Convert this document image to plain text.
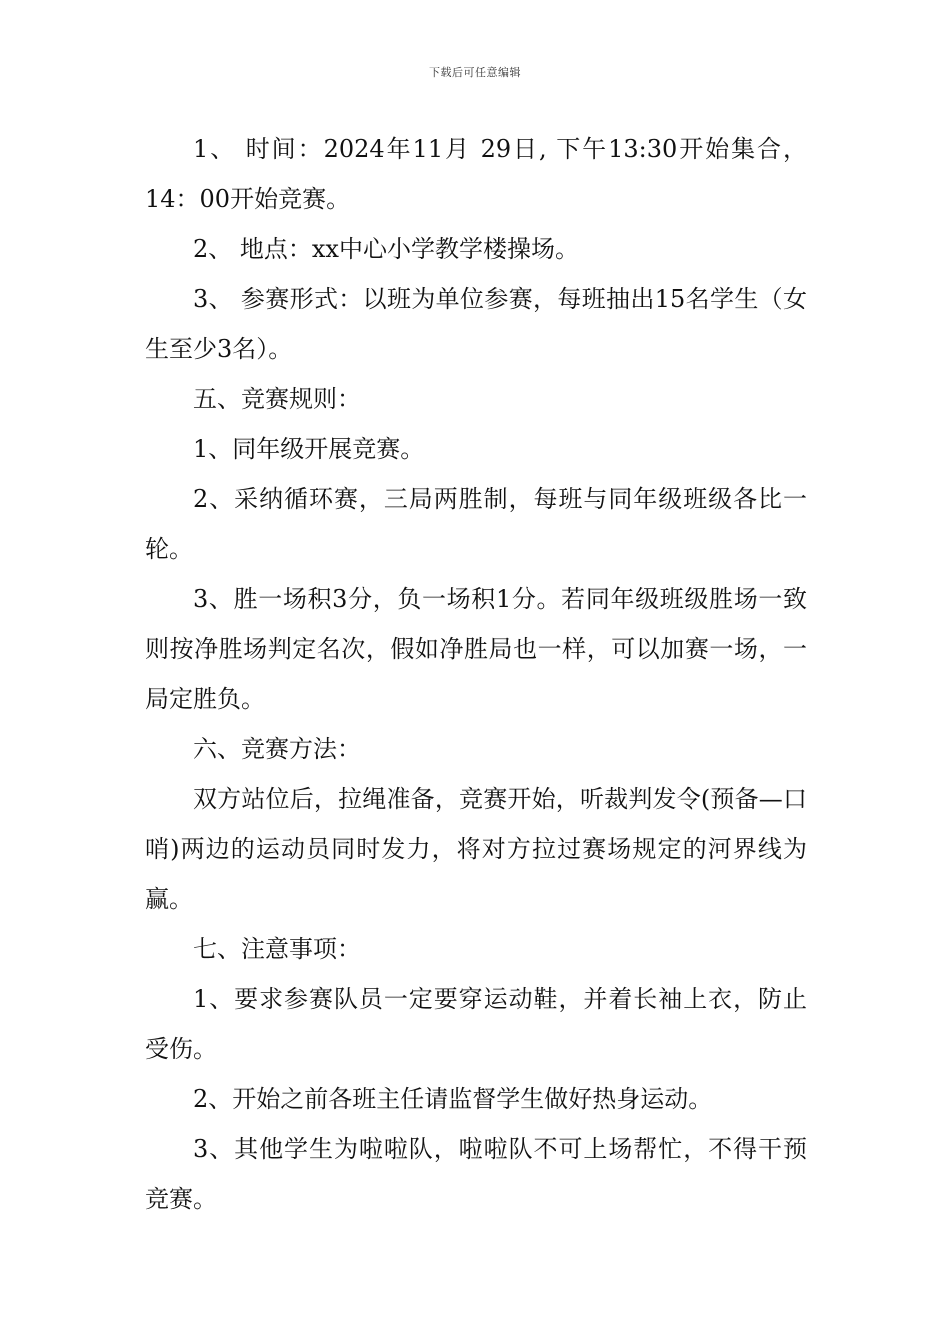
下载后可任意编辑

1、 时间：2024年11月 29日, 下午13:30开始集合，14：00开始竞赛。

2、 地点：xx中心小学教学楼操场。

3、 参赛形式：以班为单位参赛，每班抽出15名学生（女生至少3名）。

五、竞赛规则：

1、同年级开展竞赛。

2、采纳循环赛，三局两胜制，每班与同年级班级各比一轮。

3、胜一场积3分，负一场积1分。若同年级班级胜场一致则按净胜场判定名次，假如净胜局也一样，可以加赛一场，一局定胜负。

六、竞赛方法：

双方站位后，拉绳准备，竞赛开始，听裁判发令(预备—口哨)两边的运动员同时发力，将对方拉过赛场规定的河界线为赢。

七、注意事项：

1、要求参赛队员一定要穿运动鞋，并着长袖上衣，防止受伤。

2、开始之前各班主任请监督学生做好热身运动。

3、其他学生为啦啦队，啦啦队不可上场帮忙，不得干预竞赛。
